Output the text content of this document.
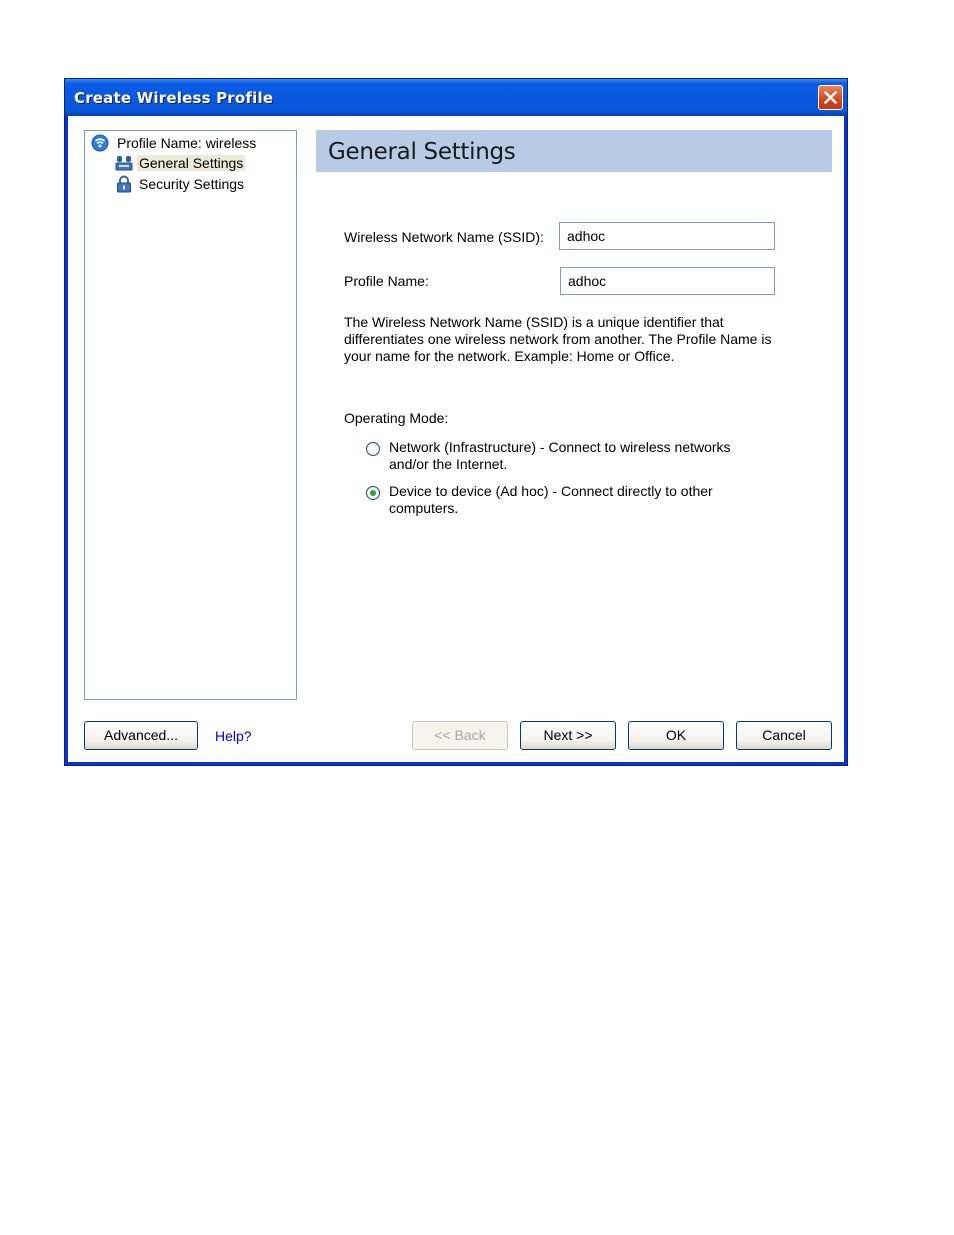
Create Wireless Profile
Profile Name: wireless
General Settings
Security Settings
General Settings
Wireless Network Name (SSID):
adhoc
Profile Name:
adhoc
The Wireless Network Name (SSID) is a unique identifier that differentiates one wireless network from another. The Profile Name is your name for the network. Example: Home or Office.
Operating Mode:
Network (Infrastructure) - Connect to wireless networks and/or the Internet.
Device to device (Ad hoc) - Connect directly to other computers.
Advanced...	Help?	<< Back	Next >>	OK	Cancel
